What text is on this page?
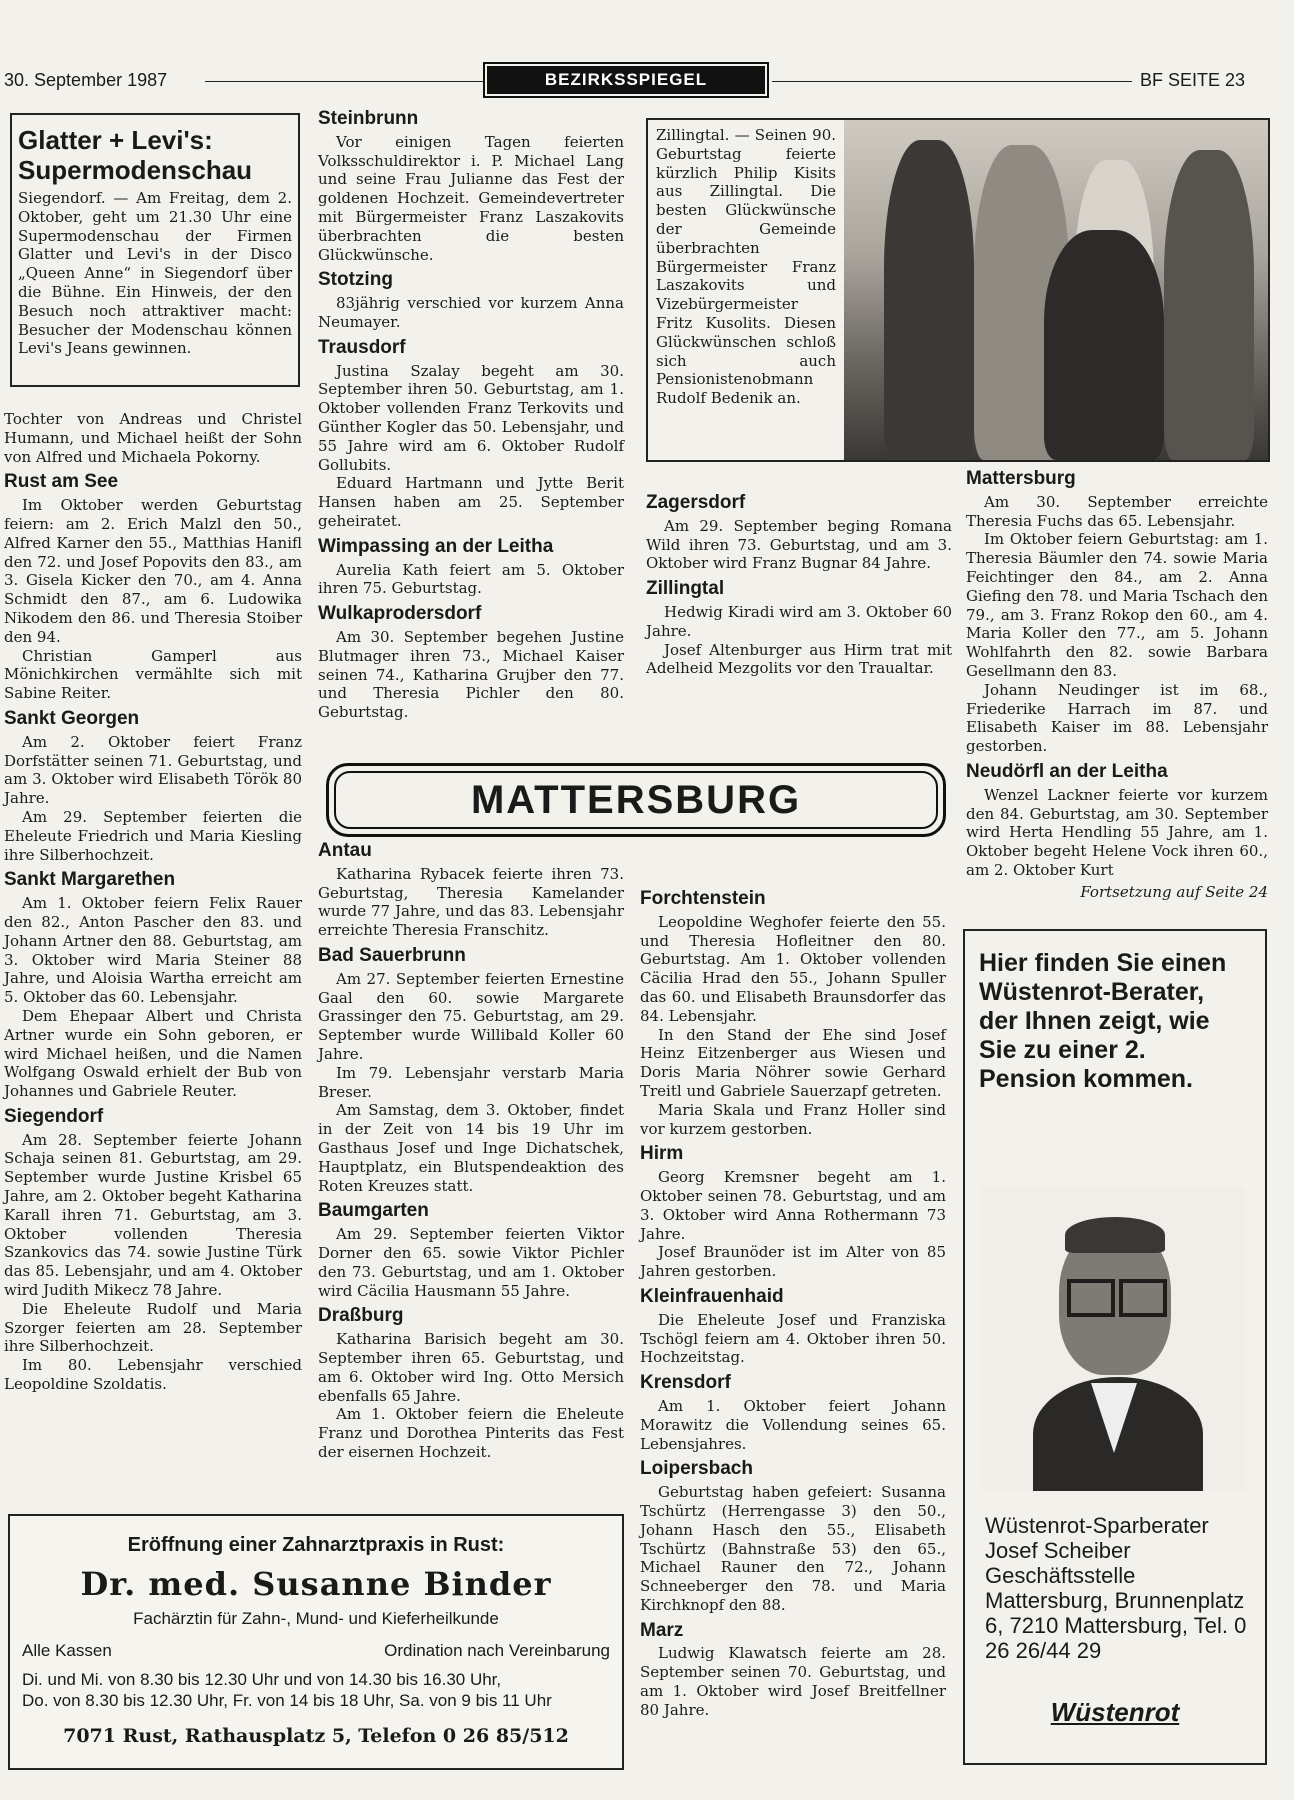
30. September 1987	BEZIRKSSPIEGEL	BF SEITE 23
Glatter + Levi's: Supermodenschau

Siegendorf. — Am Freitag, dem 2. Oktober, geht um 21.30 Uhr eine Supermodenschau der Firmen Glatter und Levi's in der Disco „Queen Anne“ in Siegendorf über die Bühne. Ein Hinweis, der den Besuch noch attraktiver macht: Besucher der Modenschau können Levi's Jeans gewinnen.

Tochter von Andreas und Christel Humann, und Michael heißt der Sohn von Alfred und Michaela Pokorny.

Rust am See

Im Oktober werden Geburtstag feiern: am 2. Erich Malzl den 50., Alfred Karner den 55., Matthias Hanifl den 72. und Josef Popovits den 83., am 3. Gisela Kicker den 70., am 4. Anna Schmidt den 87., am 6. Ludowika Nikodem den 86. und Theresia Stoiber den 94.

Christian Gamperl aus Mönichkirchen vermählte sich mit Sabine Reiter.

Sankt Georgen

Am 2. Oktober feiert Franz Dorfstätter seinen 71. Geburtstag, und am 3. Oktober wird Elisabeth Török 80 Jahre.

Am 29. September feierten die Eheleute Friedrich und Maria Kiesling ihre Silberhochzeit.

Sankt Margarethen

Am 1. Oktober feiern Felix Rauer den 82., Anton Pascher den 83. und Johann Artner den 88. Geburtstag, am 3. Oktober wird Maria Steiner 88 Jahre, und Aloisia Wartha erreicht am 5. Oktober das 60. Lebensjahr.

Dem Ehepaar Albert und Christa Artner wurde ein Sohn geboren, er wird Michael heißen, und die Namen Wolfgang Oswald erhielt der Bub von Johannes und Gabriele Reuter.

Siegendorf

Am 28. September feierte Johann Schaja seinen 81. Geburtstag, am 29. September wurde Justine Krisbel 65 Jahre, am 2. Oktober begeht Katharina Karall ihren 71. Geburtstag, am 3. Oktober vollenden Theresia Szankovics das 74. sowie Justine Türk das 85. Lebensjahr, und am 4. Oktober wird Judith Mikecz 78 Jahre.

Die Eheleute Rudolf und Maria Szorger feierten am 28. September ihre Silberhochzeit.

Im 80. Lebensjahr verschied Leopoldine Szoldatis.

Steinbrunn

Vor einigen Tagen feierten Volksschuldirektor i. P. Michael Lang und seine Frau Julianne das Fest der goldenen Hochzeit. Gemeindevertreter mit Bürgermeister Franz Laszakovits überbrachten die besten Glückwünsche.

Stotzing

83jährig verschied vor kurzem Anna Neumayer.

Trausdorf

Justina Szalay begeht am 30. September ihren 50. Geburtstag, am 1. Oktober vollenden Franz Terkovits und Günther Kogler das 50. Lebensjahr, und 55 Jahre wird am 6. Oktober Rudolf Gollubits.

Eduard Hartmann und Jytte Berit Hansen haben am 25. September geheiratet.

Wimpassing an der Leitha

Aurelia Kath feiert am 5. Oktober ihren 75. Geburtstag.

Wulkaprodersdorf

Am 30. September begehen Justine Blutmager ihren 73., Michael Kaiser seinen 74., Katharina Grujber den 77. und Theresia Pichler den 80. Geburtstag.

Zillingtal. — Seinen 90. Geburtstag feierte kürzlich Philip Kisits aus Zillingtal. Die besten Glückwünsche der Gemeinde überbrachten Bürgermeister Franz Laszakovits und Vizebürgermeister Fritz Kusolits. Diesen Glückwünschen schloß sich auch Pensionistenobmann Rudolf Bedenik an.

Zagersdorf

Am 29. September beging Romana Wild ihren 73. Geburtstag, und am 3. Oktober wird Franz Bugnar 84 Jahre.

Zillingtal

Hedwig Kiradi wird am 3. Oktober 60 Jahre.

Josef Altenburger aus Hirm trat mit Adelheid Mezgolits vor den Traualtar.

Mattersburg

Am 30. September erreichte Theresia Fuchs das 65. Lebensjahr.

Im Oktober feiern Geburtstag: am 1. Theresia Bäumler den 74. sowie Maria Feichtinger den 84., am 2. Anna Giefing den 78. und Maria Tschach den 79., am 3. Franz Rokop den 60., am 4. Maria Koller den 77., am 5. Johann Wohlfahrth den 82. sowie Barbara Gesellmann den 83.

Johann Neudinger ist im 68., Friederike Harrach im 87. und Elisabeth Kaiser im 88. Lebensjahr gestorben.

Neudörfl an der Leitha

Wenzel Lackner feierte vor kurzem den 84. Geburtstag, am 30. September wird Herta Hendling 55 Jahre, am 1. Oktober begeht Helene Vock ihren 60., am 2. Oktober Kurt

Fortsetzung auf Seite 24
MATTERSBURG
Antau

Katharina Rybacek feierte ihren 73. Geburtstag, Theresia Kamelander wurde 77 Jahre, und das 83. Lebensjahr erreichte Theresia Franschitz.

Bad Sauerbrunn

Am 27. September feierten Ernestine Gaal den 60. sowie Margarete Grassinger den 75. Geburtstag, am 29. September wurde Willibald Koller 60 Jahre.

Im 79. Lebensjahr verstarb Maria Breser.

Am Samstag, dem 3. Oktober, findet in der Zeit von 14 bis 19 Uhr im Gasthaus Josef und Inge Dichatschek, Hauptplatz, ein Blutspendeaktion des Roten Kreuzes statt.

Baumgarten

Am 29. September feierten Viktor Dorner den 65. sowie Viktor Pichler den 73. Geburtstag, und am 1. Oktober wird Cäcilia Hausmann 55 Jahre.

Draßburg

Katharina Barisich begeht am 30. September ihren 65. Geburtstag, und am 6. Oktober wird Ing. Otto Mersich ebenfalls 65 Jahre.

Am 1. Oktober feiern die Eheleute Franz und Dorothea Pinterits das Fest der eisernen Hochzeit.

Forchtenstein

Leopoldine Weghofer feierte den 55. und Theresia Hofleitner den 80. Geburtstag. Am 1. Oktober vollenden Cäcilia Hrad den 55., Johann Spuller das 60. und Elisabeth Braunsdorfer das 84. Lebensjahr.

In den Stand der Ehe sind Josef Heinz Eitzenberger aus Wiesen und Doris Maria Nöhrer sowie Gerhard Treitl und Gabriele Sauerzapf getreten.

Maria Skala und Franz Holler sind vor kurzem gestorben.

Hirm

Georg Kremsner begeht am 1. Oktober seinen 78. Geburtstag, und am 3. Oktober wird Anna Rothermann 73 Jahre.

Josef Braunöder ist im Alter von 85 Jahren gestorben.

Kleinfrauenhaid

Die Eheleute Josef und Franziska Tschögl feiern am 4. Oktober ihren 50. Hochzeitstag.

Krensdorf

Am 1. Oktober feiert Johann Morawitz die Vollendung seines 65. Lebensjahres.

Loipersbach

Geburtstag haben gefeiert: Susanna Tschürtz (Herrengasse 3) den 50., Johann Hasch den 55., Elisabeth Tschürtz (Bahnstraße 53) den 65., Michael Rauner den 72., Johann Schneeberger den 78. und Maria Kirchknopf den 88.

Marz

Ludwig Klawatsch feierte am 28. September seinen 70. Geburtstag, und am 1. Oktober wird Josef Breitfellner 80 Jahre.

Eröffnung einer Zahnarztpraxis in Rust:
Dr. med. Susanne Binder
Fachärztin für Zahn-, Mund- und Kieferheilkunde
Alle Kassen	Ordination nach Vereinbarung
Di. und Mi. von 8.30 bis 12.30 Uhr und von 14.30 bis 16.30 Uhr,
Do. von 8.30 bis 12.30 Uhr, Fr. von 14 bis 18 Uhr, Sa. von 9 bis 11 Uhr
7071 Rust, Rathausplatz 5, Telefon 0 26 85/512
Hier finden Sie einen Wüstenrot-Berater, der Ihnen zeigt, wie Sie zu einer 2. Pension kommen.
Wüstenrot-Sparberater Josef Scheiber Geschäftsstelle Mattersburg, Brunnenplatz 6, 7210 Mattersburg, Tel. 0 26 26/44 29
Wüstenrot
